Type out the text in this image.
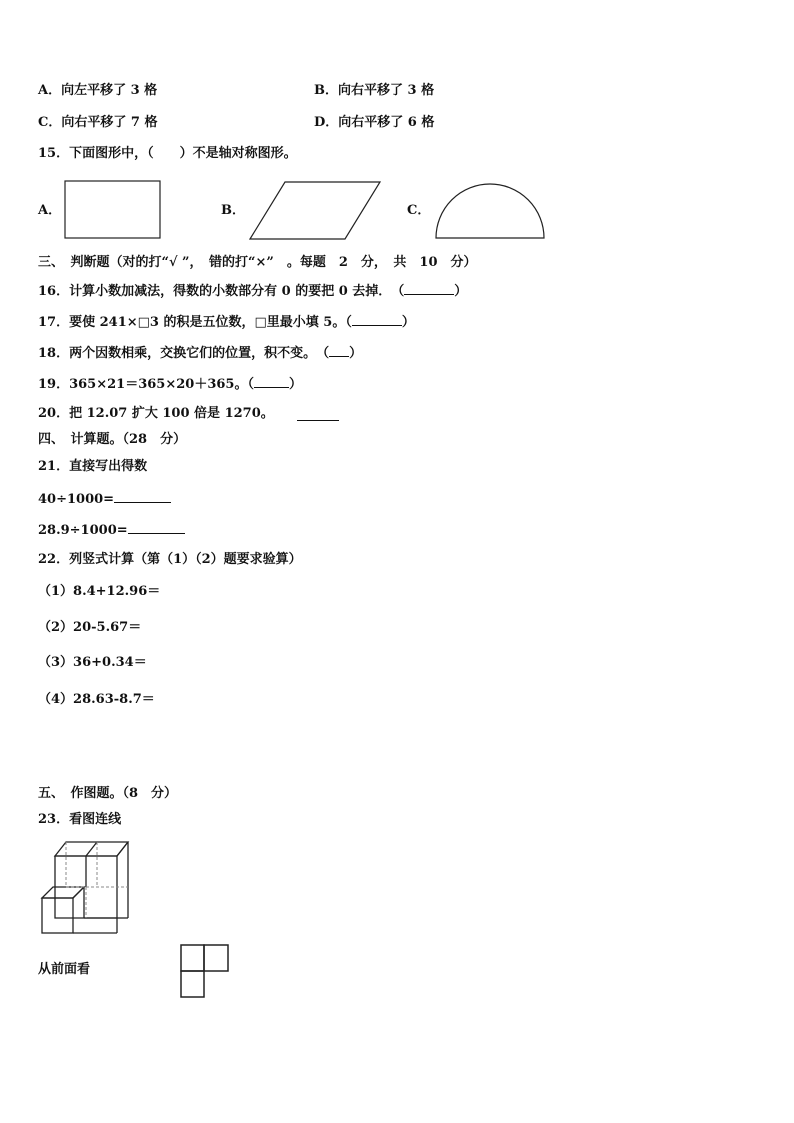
A．向左平移了 3 格	B．向右平移了 3 格
C．向右平移了 7 格	D．向右平移了 6 格
15．下面图形中，（　　）不是轴对称图形。
A．	B．	C．
三、　判断题（对的打“√ ”，　错的打“×”　。每题　2　分，　共　10　分）
16．计算小数加减法，得数的小数部分有 0 的要把 0 去掉．　（	）
17．要使 241×□3 的积是五位数，□里最小填 5。（	）
18．两个因数相乘，交换它们的位置，积不变。　（ ）
19．365×21＝365×20＋365。（	）
20．把 12.07 扩大 100 倍是 1270。
四、　计算题。（28　分）
21．直接写出得数
40÷1000=
28.9÷1000=
22．列竖式计算（第（1）（2）题要求验算）
（1）8.4+12.96＝
（2）20-5.67＝
（3）36+0.34＝
（4）28.63-8.7＝
五、　作图题。（8　分）
23．看图连线
从前面看
